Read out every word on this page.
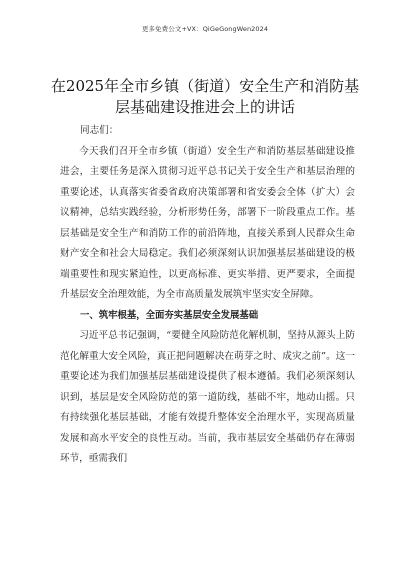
更多免费公文+VX：QiGeGongWen2024
在2025年全市乡镇（街道）安全生产和消防基层基础建设推进会上的讲话

同志们：

今天我们召开全市乡镇（街道）安全生产和消防基层基础建设推进会，主要任务是深入贯彻习近平总书记关于安全生产和基层治理的重要论述，认真落实省委省政府决策部署和省安委会全体（扩大）会议精神，总结实践经验，分析形势任务，部署下一阶段重点工作。基层基础是安全生产和消防工作的前沿阵地，直接关系到人民群众生命财产安全和社会大局稳定。我们必须深刻认识加强基层基础建设的极端重要性和现实紧迫性，以更高标准、更实举措、更严要求，全面提升基层安全治理效能，为全市高质量发展筑牢坚实安全屏障。

一、筑牢根基，全面夯实基层安全发展基础

习近平总书记强调，“要健全风险防范化解机制，坚持从源头上防范化解重大安全风险，真正把问题解决在萌芽之时、成灾之前”。这一重要论述为我们加强基层基础建设提供了根本遵循。我们必须深刻认识到，基层是安全风险防范的第一道防线，基础不牢，地动山摇。只有持续强化基层基础，才能有效提升整体安全治理水平，实现高质量发展和高水平安全的良性互动。当前，我市基层安全基础仍存在薄弱环节，亟需我们
